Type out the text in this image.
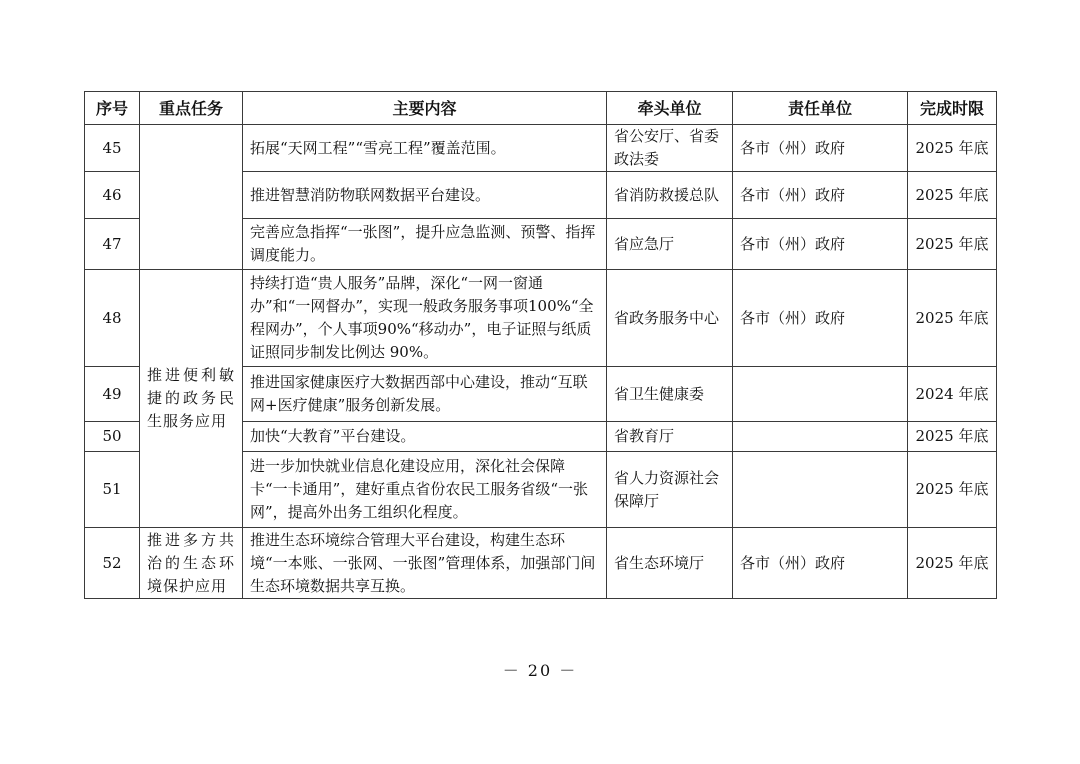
序号	重点任务	主要内容	牵头单位	责任单位	完成时限
45		拓展“天网工程”“雪亮工程”覆盖范围。	省公安厅、省委政法委	各市（州）政府	2025 年底
46		推进智慧消防物联网数据平台建设。	省消防救援总队	各市（州）政府	2025 年底
47		完善应急指挥“一张图”，提升应急监测、预警、指挥调度能力。	省应急厅	各市（州）政府	2025 年底
48	推进便利敏捷的政务民生服务应用	持续打造“贵人服务”品牌，深化“一网一窗通办”和“一网督办”，实现一般政务服务事项100%“全程网办”，个人事项90%“移动办”，电子证照与纸质证照同步制发比例达 90%。	省政务服务中心	各市（州）政府	2025 年底
49		推进国家健康医疗大数据西部中心建设，推动“互联网+医疗健康”服务创新发展。	省卫生健康委		2024 年底
50		加快“大教育”平台建设。	省教育厅		2025 年底
51		进一步加快就业信息化建设应用，深化社会保障卡“一卡通用”，建好重点省份农民工服务省级“一张网”，提高外出务工组织化程度。	省人力资源社会保障厅		2025 年底
52	推进多方共治的生态环境保护应用	推进生态环境综合管理大平台建设，构建生态环境“一本账、一张网、一张图”管理体系，加强部门间生态环境数据共享互换。	省生态环境厅	各市（州）政府	2025 年底
－ 20 －
